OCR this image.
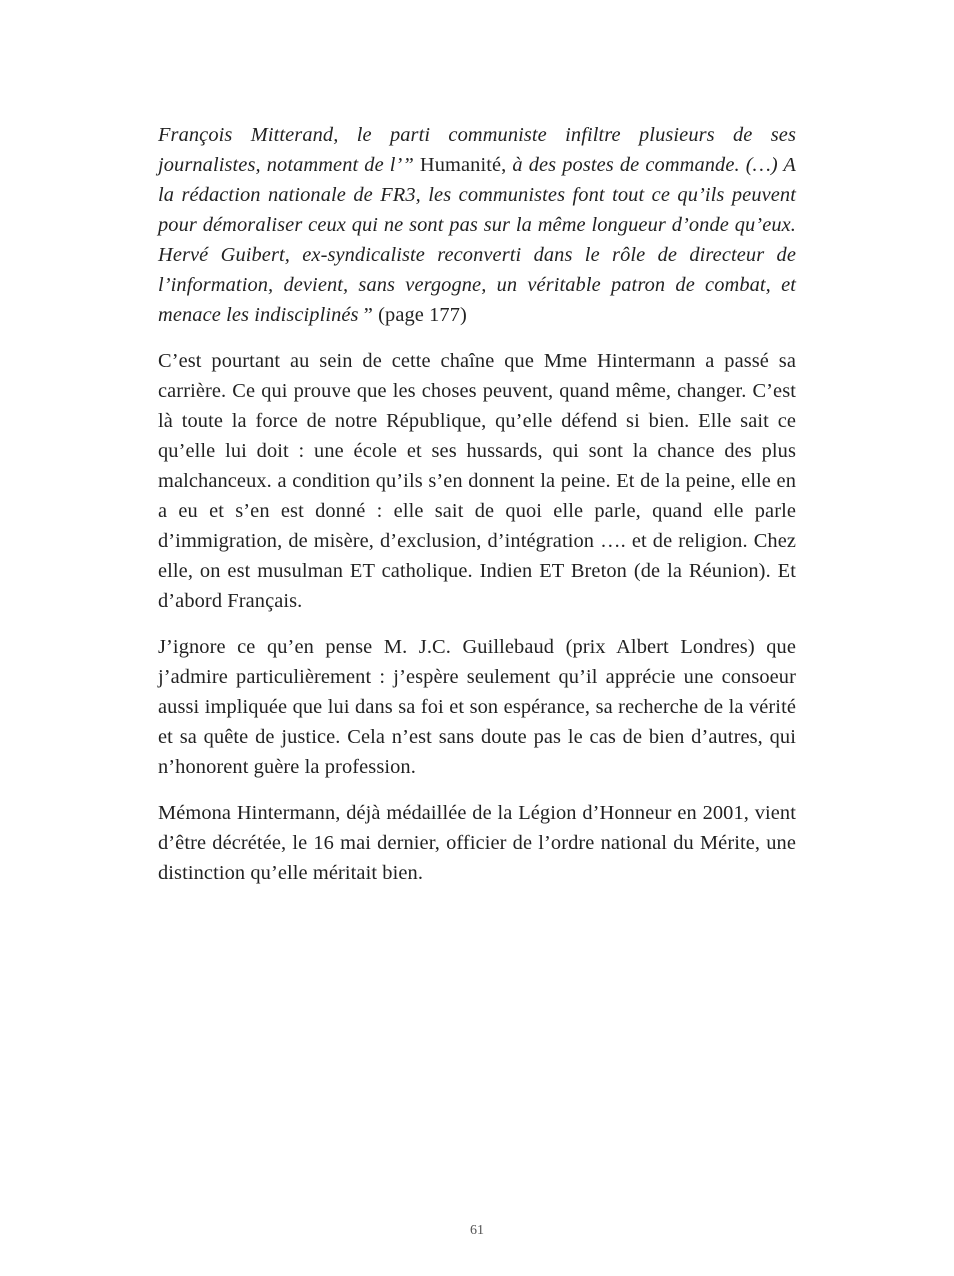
François Mitterand, le parti communiste infiltre plusieurs de ses journalistes, notamment de l’” Humanité, à des postes de commande. (…) A la rédaction nationale de FR3, les communistes font tout ce qu’ils peuvent pour démoraliser ceux qui ne sont pas sur la même longueur d’onde qu’eux. Hervé Guibert, ex-syndicaliste reconverti dans le rôle de directeur de l’information, devient, sans vergogne, un véritable patron de combat, et menace les indisciplinés ” (page 177)

C’est pourtant au sein de cette chaîne que Mme Hintermann a passé sa carrière. Ce qui prouve que les choses peuvent, quand même, changer. C’est là toute la force de notre République, qu’elle défend si bien. Elle sait ce qu’elle lui doit : une école et ses hussards, qui sont la chance des plus malchanceux. a condition qu’ils s’en donnent la peine. Et de la peine, elle en a eu et s’en est donné : elle sait de quoi elle parle, quand elle parle d’immigration, de misère, d’exclusion, d’intégration …. et de religion. Chez elle, on est musulman ET catholique. Indien ET Breton (de la Réunion). Et d’abord Français.

J’ignore ce qu’en pense M. J.C. Guillebaud (prix Albert Londres) que j’admire particulièrement : j’espère seulement qu’il apprécie une consoeur aussi impliquée que lui dans sa foi et son espérance, sa recherche de la vérité et sa quête de justice. Cela n’est sans doute pas le cas de bien d’autres, qui n’honorent guère la profession.

Mémona Hintermann, déjà médaillée de la Légion d’Honneur en 2001, vient d’être décrétée, le 16 mai dernier, officier de l’ordre national du Mérite, une distinction qu’elle méritait bien.

61
